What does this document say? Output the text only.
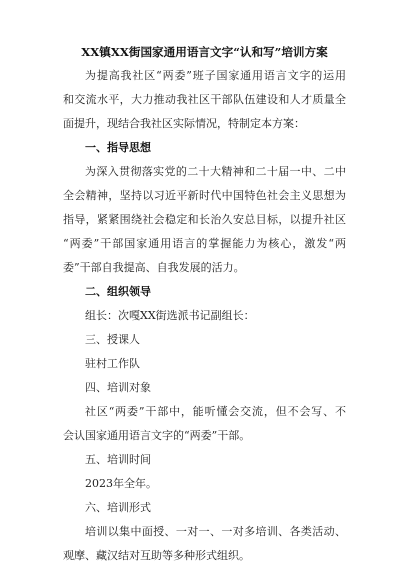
XX镇XX街国家通用语言文字“认和写”培训方案
为提高我社区“两委”班子国家通用语言文字的运用
和交流水平，大力推动我社区干部队伍建设和人才质量全
面提升，现结合我社区实际情况，特制定本方案：
一、指导思想
为深入贯彻落实党的二十大精神和二十届一中、二中
全会精神，坚持以习近平新时代中国特色社会主义思想为
指导，紧紧围绕社会稳定和长治久安总目标，以提升社区
“两委”干部国家通用语言的掌握能力为核心，激发“两
委”干部自我提高、自我发展的活力。
二、组织领导
组长：次嘎XX街选派书记副组长：
三、授课人
驻村工作队
四、培训对象
社区“两委”干部中，能听懂会交流，但不会写、不
会认国家通用语言文字的“两委”干部。
五、培训时间
2023年全年。
六、培训形式
培训以集中面授、一对一、一对多培训、各类活动、
观摩、藏汉结对互助等多种形式组织。
